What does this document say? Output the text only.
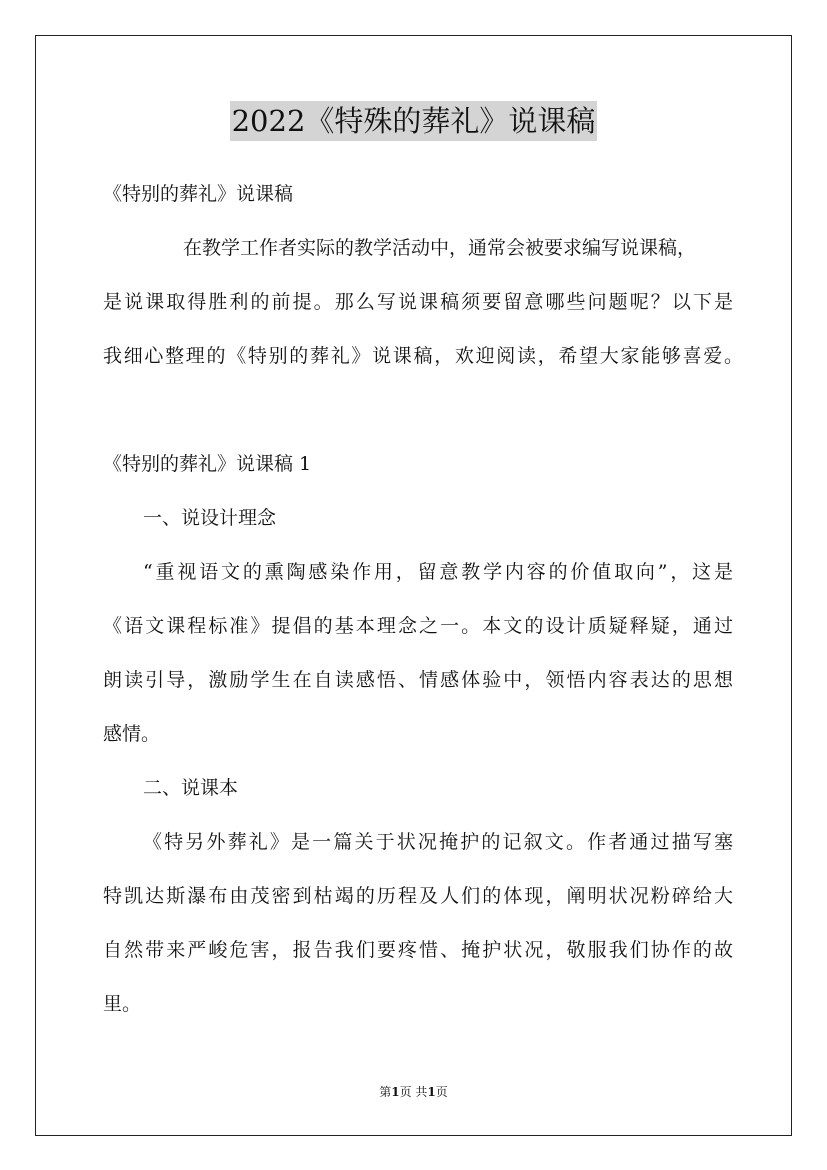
2022《特殊的葬礼》说课稿
《特别的葬礼》说课稿
在教学工作者实际的教学活动中，通常会被要求编写说课稿，
是说课取得胜利的前提。那么写说课稿须要留意哪些问题呢？以下是
我细心整理的《特别的葬礼》说课稿，欢迎阅读，希望大家能够喜爱。
《特别的葬礼》说课稿 1
一、说设计理念
“重视语文的熏陶感染作用，留意教学内容的价值取向”，这是
《语文课程标准》提倡的基本理念之一。本文的设计质疑释疑，通过
朗读引导，激励学生在自读感悟、情感体验中，领悟内容表达的思想
感情。
二、说课本
《特另外葬礼》是一篇关于状况掩护的记叙文。作者通过描写塞
特凯达斯瀑布由茂密到枯竭的历程及人们的体现，阐明状况粉碎给大
自然带来严峻危害，报告我们要疼惜、掩护状况，敬服我们协作的故
里。
第1页 共1页
